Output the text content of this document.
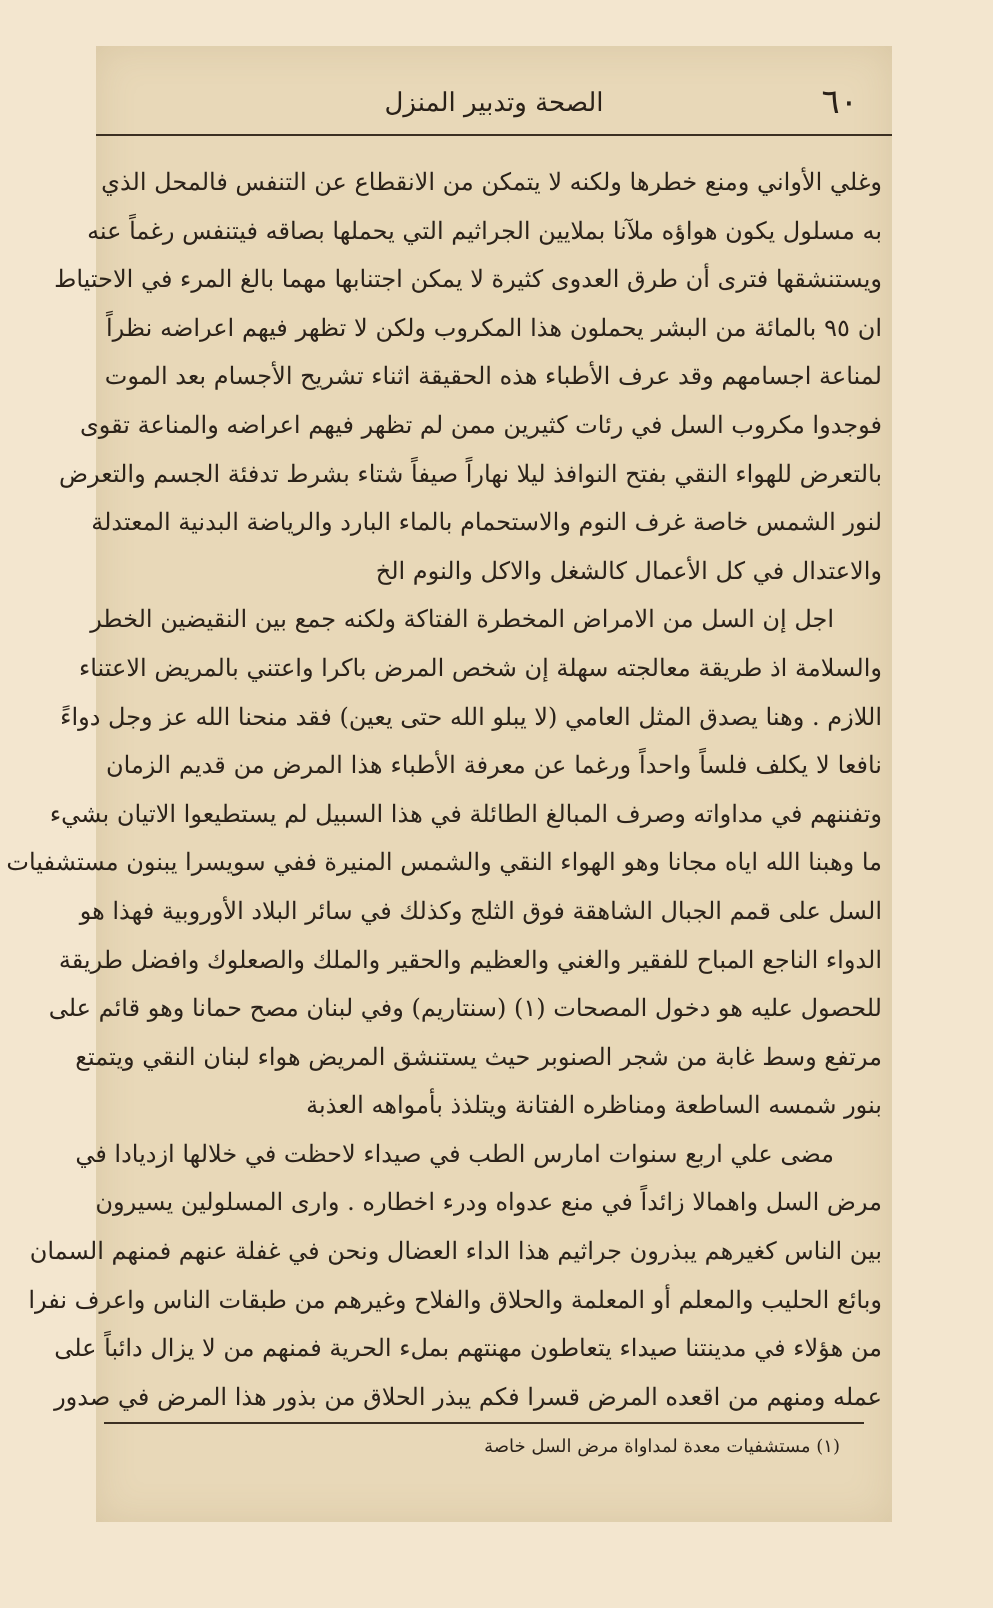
٦٠
الصحة وتدبير المنزل
وغلي الأواني ومنع خطرها ولكنه لا يتمكن من الانقطاع عن التنفس فالمحل الذي
به مسلول يكون هواؤه ملآنا بملايين الجراثيم التي يحملها بصاقه فيتنفس رغماً عنه
ويستنشقها فترى أن طرق العدوى كثيرة لا يمكن اجتنابها مهما بالغ المرء في الاحتياط
ان ٩٥ بالمائة من البشر يحملون هذا المكروب ولكن لا تظهر فيهم اعراضه نظراً
لمناعة اجسامهم وقد عرف الأطباء هذه الحقيقة اثناء تشريح الأجسام بعد الموت
فوجدوا مكروب السل في رئات كثيرين ممن لم تظهر فيهم اعراضه والمناعة تقوى
بالتعرض للهواء النقي بفتح النوافذ ليلا نهاراً صيفاً شتاء بشرط تدفئة الجسم والتعرض
لنور الشمس خاصة غرف النوم والاستحمام بالماء البارد والرياضة البدنية المعتدلة
والاعتدال في كل الأعمال كالشغل والاكل والنوم الخ
اجل إن السل من الامراض المخطرة الفتاكة ولكنه جمع بين النقيضين الخطر
والسلامة اذ طريقة معالجته سهلة إن شخص المرض باكرا واعتني بالمريض الاعتناء
اللازم . وهنا يصدق المثل العامي (لا يبلو الله حتى يعين) فقد منحنا الله عز وجل دواءً
نافعا لا يكلف فلساً واحداً ورغما عن معرفة الأطباء هذا المرض من قديم الزمان
وتفننهم في مداواته وصرف المبالغ الطائلة في هذا السبيل لم يستطيعوا الاتيان بشيء
ما وهبنا الله اياه مجانا وهو الهواء النقي والشمس المنيرة ففي سويسرا يبنون مستشفيات
السل على قمم الجبال الشاهقة فوق الثلج وكذلك في سائر البلاد الأوروبية فهذا هو
الدواء الناجع المباح للفقير والغني والعظيم والحقير والملك والصعلوك وافضل طريقة
للحصول عليه هو دخول المصحات (١) (سنتاريم) وفي لبنان مصح حمانا وهو قائم على
مرتفع وسط غابة من شجر الصنوبر حيث يستنشق المريض هواء لبنان النقي ويتمتع
بنور شمسه الساطعة ومناظره الفتانة ويتلذذ بأمواهه العذبة
مضى علي اربع سنوات امارس الطب في صيداء لاحظت في خلالها ازديادا في
مرض السل واهمالا زائداً في منع عدواه ودرء اخطاره . وارى المسلولين يسيرون
بين الناس كغيرهم يبذرون جراثيم هذا الداء العضال ونحن في غفلة عنهم فمنهم السمان
وبائع الحليب والمعلم أو المعلمة والحلاق والفلاح وغيرهم من طبقات الناس واعرف نفرا
من هؤلاء في مدينتنا صيداء يتعاطون مهنتهم بملء الحرية فمنهم من لا يزال دائباً على
عمله ومنهم من اقعده المرض قسرا فكم يبذر الحلاق من بذور هذا المرض في صدور
(١) مستشفيات معدة لمداواة مرض السل خاصة
